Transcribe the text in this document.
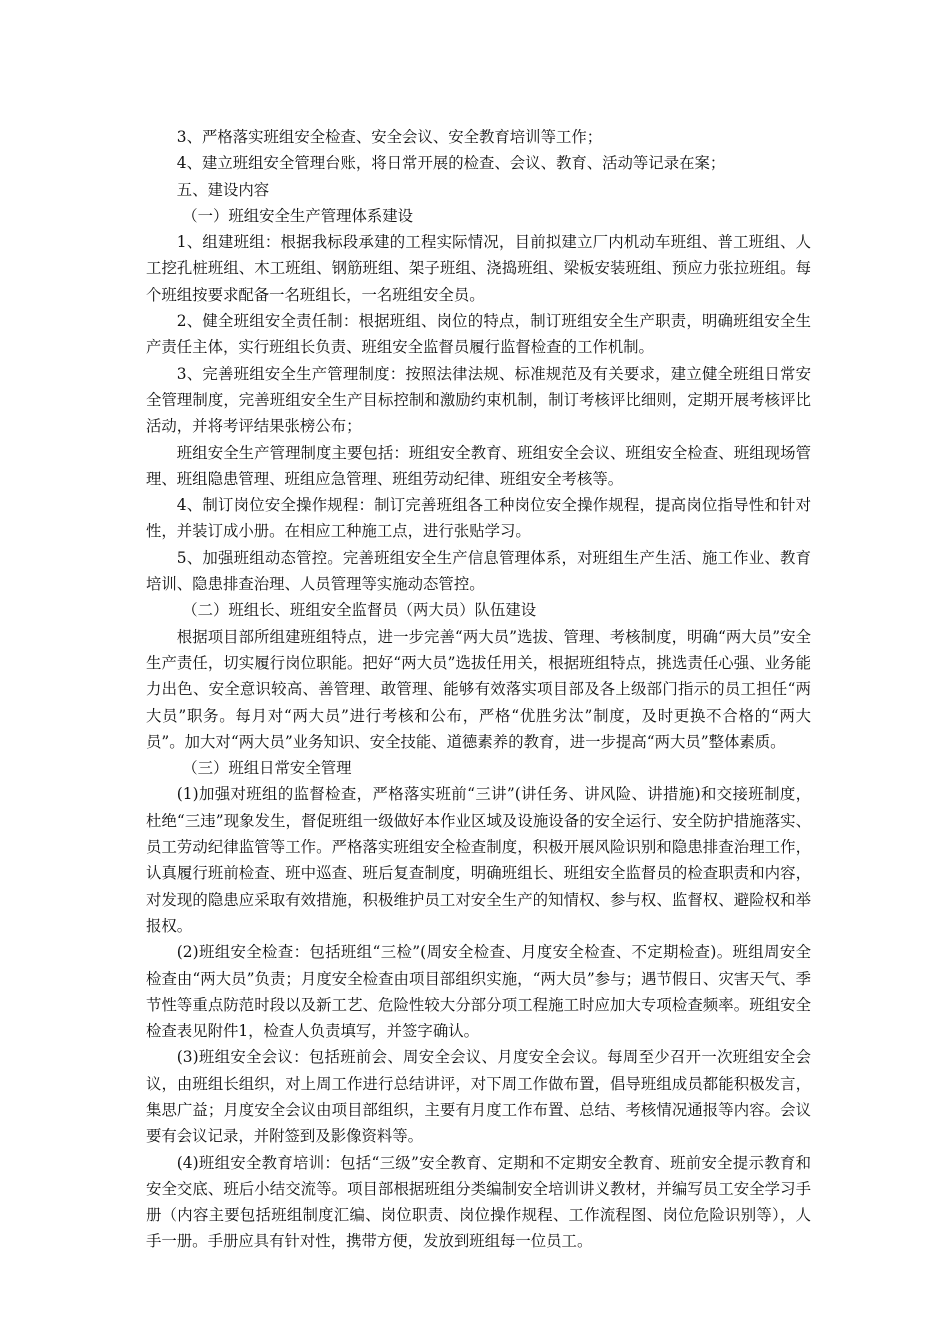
3、严格落实班组安全检查、安全会议、安全教育培训等工作；

4、建立班组安全管理台账，将日常开展的检查、会议、教育、活动等记录在案；

五、建设内容

（一）班组安全生产管理体系建设

1、组建班组：根据我标段承建的工程实际情况，目前拟建立厂内机动车班组、普工班组、人工挖孔桩班组、木工班组、钢筋班组、架子班组、浇捣班组、梁板安装班组、预应力张拉班组。每个班组按要求配备一名班组长，一名班组安全员。

2、健全班组安全责任制：根据班组、岗位的特点，制订班组安全生产职责，明确班组安全生产责任主体，实行班组长负责、班组安全监督员履行监督检查的工作机制。

3、完善班组安全生产管理制度：按照法律法规、标准规范及有关要求，建立健全班组日常安全管理制度，完善班组安全生产目标控制和激励约束机制，制订考核评比细则，定期开展考核评比活动，并将考评结果张榜公布；

班组安全生产管理制度主要包括：班组安全教育、班组安全会议、班组安全检查、班组现场管理、班组隐患管理、班组应急管理、班组劳动纪律、班组安全考核等。

4、制订岗位安全操作规程：制订完善班组各工种岗位安全操作规程，提高岗位指导性和针对性，并装订成小册。在相应工种施工点，进行张贴学习。

5、加强班组动态管控。完善班组安全生产信息管理体系，对班组生产生活、施工作业、教育培训、隐患排查治理、人员管理等实施动态管控。

（二）班组长、班组安全监督员（两大员）队伍建设

根据项目部所组建班组特点，进一步完善“两大员”选拔、管理、考核制度，明确“两大员”安全生产责任，切实履行岗位职能。把好“两大员”选拔任用关，根据班组特点，挑选责任心强、业务能力出色、安全意识较高、善管理、敢管理、能够有效落实项目部及各上级部门指示的员工担任“两大员”职务。每月对“两大员”进行考核和公布，严格“优胜劣汰”制度，及时更换不合格的“两大员”。加大对“两大员”业务知识、安全技能、道德素养的教育，进一步提高“两大员”整体素质。

（三）班组日常安全管理

(1)加强对班组的监督检查，严格落实班前“三讲”(讲任务、讲风险、讲措施)和交接班制度，杜绝“三违”现象发生，督促班组一级做好本作业区域及设施设备的安全运行、安全防护措施落实、员工劳动纪律监管等工作。严格落实班组安全检查制度，积极开展风险识别和隐患排查治理工作，认真履行班前检查、班中巡查、班后复查制度，明确班组长、班组安全监督员的检查职责和内容，对发现的隐患应采取有效措施，积极维护员工对安全生产的知情权、参与权、监督权、避险权和举报权。

(2)班组安全检查：包括班组“三检”(周安全检查、月度安全检查、不定期检查)。班组周安全检查由“两大员”负责；月度安全检查由项目部组织实施，“两大员”参与；遇节假日、灾害天气、季节性等重点防范时段以及新工艺、危险性较大分部分项工程施工时应加大专项检查频率。班组安全检查表见附件1，检查人负责填写，并签字确认。

(3)班组安全会议：包括班前会、周安全会议、月度安全会议。每周至少召开一次班组安全会议，由班组长组织，对上周工作进行总结讲评，对下周工作做布置，倡导班组成员都能积极发言，集思广益；月度安全会议由项目部组织，主要有月度工作布置、总结、考核情况通报等内容。会议要有会议记录，并附签到及影像资料等。

(4)班组安全教育培训：包括“三级”安全教育、定期和不定期安全教育、班前安全提示教育和安全交底、班后小结交流等。项目部根据班组分类编制安全培训讲义教材，并编写员工安全学习手册（内容主要包括班组制度汇编、岗位职责、岗位操作规程、工作流程图、岗位危险识别等），人手一册。手册应具有针对性，携带方便，发放到班组每一位员工。
